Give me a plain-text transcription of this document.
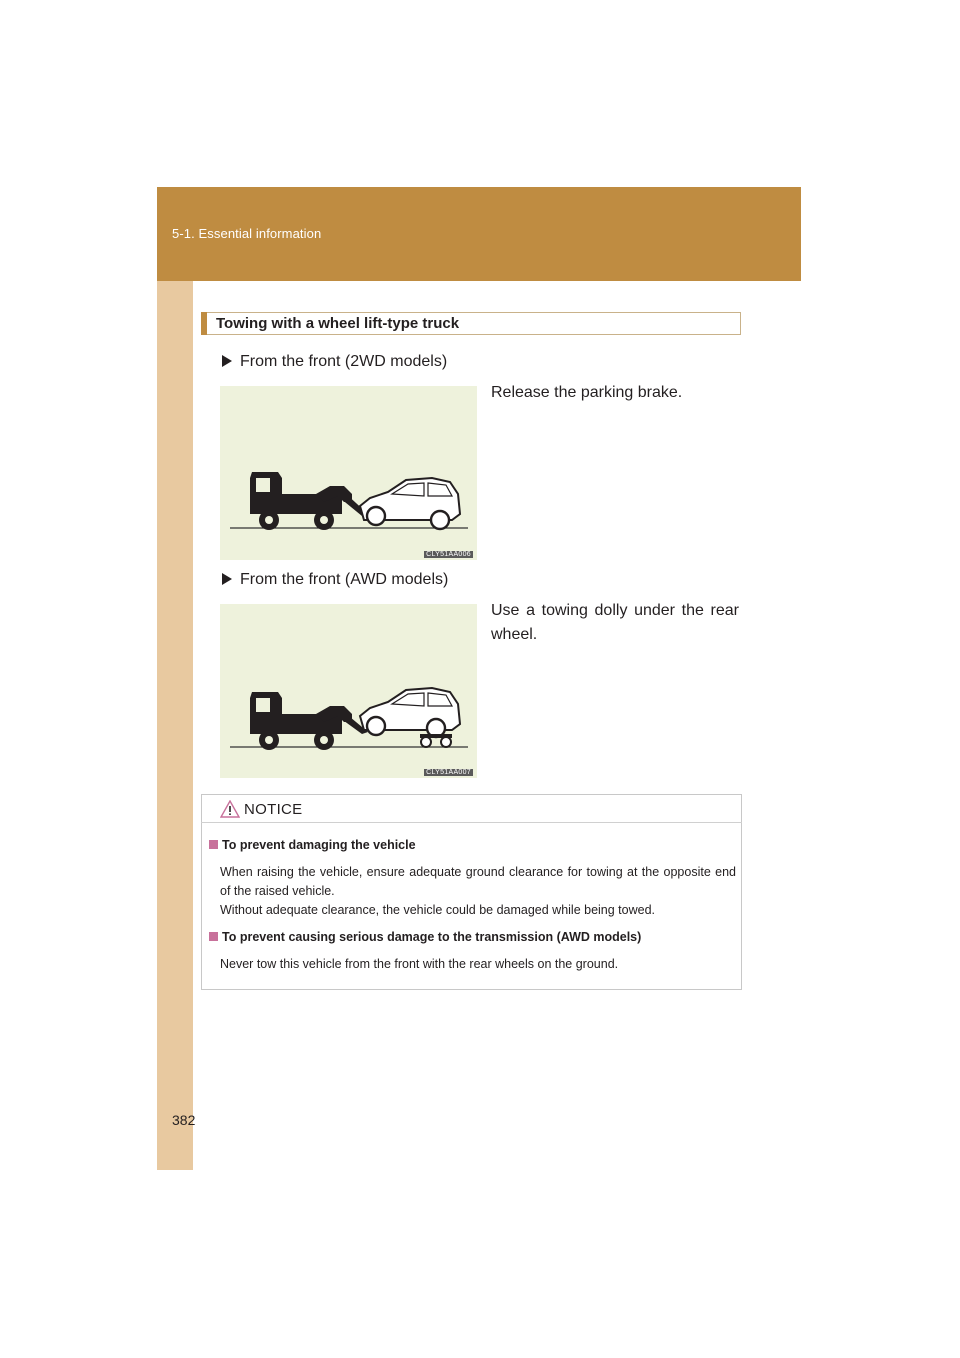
5-1. Essential information
Towing with a wheel lift-type truck
From the front (2WD models)
CLY51AA006
Release the parking brake.
From the front (AWD models)
CLY51AA007
Use a towing dolly under the rear wheel.
NOTICE
To prevent damaging the vehicle

When raising the vehicle, ensure adequate ground clearance for towing at the opposite end of the raised vehicle.

Without adequate clearance, the vehicle could be damaged while being towed.

To prevent causing serious damage to the transmission (AWD models)

Never tow this vehicle from the front with the rear wheels on the ground.

382
